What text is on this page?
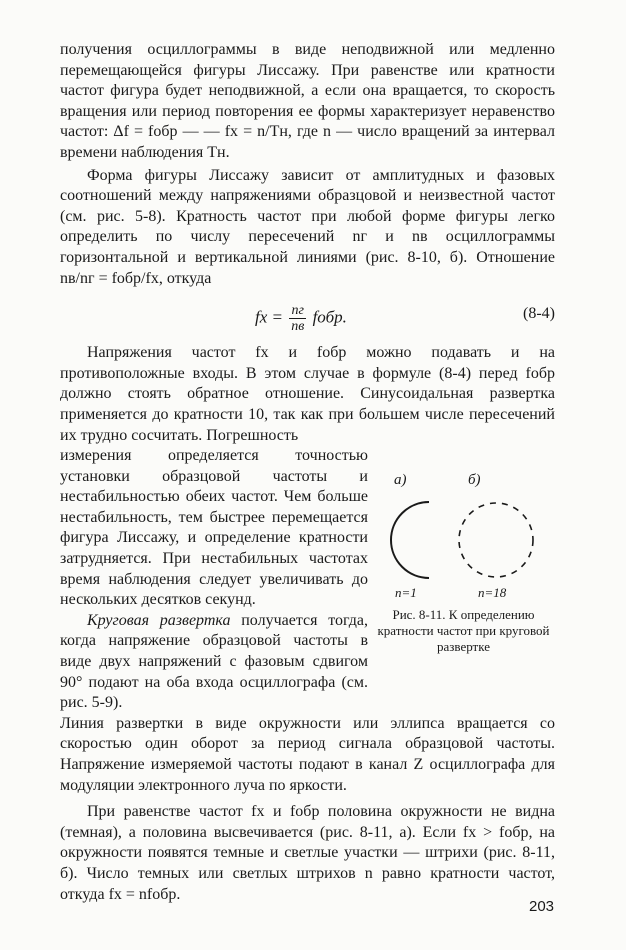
получения осциллограммы в виде неподвижной или медленно перемещающейся фигуры Лиссажу. При равенстве или кратности частот фигура будет неподвижной, а если она вращается, то скорость вращения или период повторения ее формы характеризует неравенство частот: Δf = fобр — — fx = n/Tн, где n — число вращений за интервал времени наблюдения Tн.

Форма фигуры Лиссажу зависит от амплитудных и фазовых соотношений между напряжениями образцовой и неизвестной частот (см. рис. 5-8). Кратность частот при любой форме фигуры легко определить по числу пересечений nг и nв осциллограммы горизонтальной и вертикальной линиями (рис. 8-10, б). Отношение nв/nг = fобр/fx, откуда

fx = nг
nв
fобр.	(8-4)

Напряжения частот fx и fобр можно подавать и на противоположные входы. В этом случае в формуле (8-4) перед fобр должно стоять обратное отношение. Синусоидальная развертка применяется до кратности 10, так как при большем числе пересечений их трудно сосчитать. Погрешность

измерения определяется точностью установки образцовой частоты и нестабильностью обеих частот. Чем больше нестабильность, тем быстрее перемещается фигура Лиссажу, и определение кратности затрудняется. При нестабильных частотах время наблюдения следует увеличивать до нескольких десятков секунд.

Круговая развертка получается тогда, когда напряжение образцовой частоты в виде двух напряжений с фазовым сдвигом 90° подают на оба входа осциллографа (см. рис. 5-9).

а)	б)
n=1	n=18
Рис. 8-11. К определению кратности частот при круговой развертке

Линия развертки в виде окружности или эллипса вращается со скоростью один оборот за период сигнала образцовой частоты. Напряжение измеряемой частоты подают в канал Z осциллографа для модуляции электронного луча по яркости.

При равенстве частот fx и fобр половина окружности не видна (темная), а половина высвечивается (рис. 8-11, а). Если fx > fобр, на окружности появятся темные и светлые участки — штрихи (рис. 8-11, б). Число темных или светлых штрихов n равно кратности частот, откуда fx = nfобр.

203
